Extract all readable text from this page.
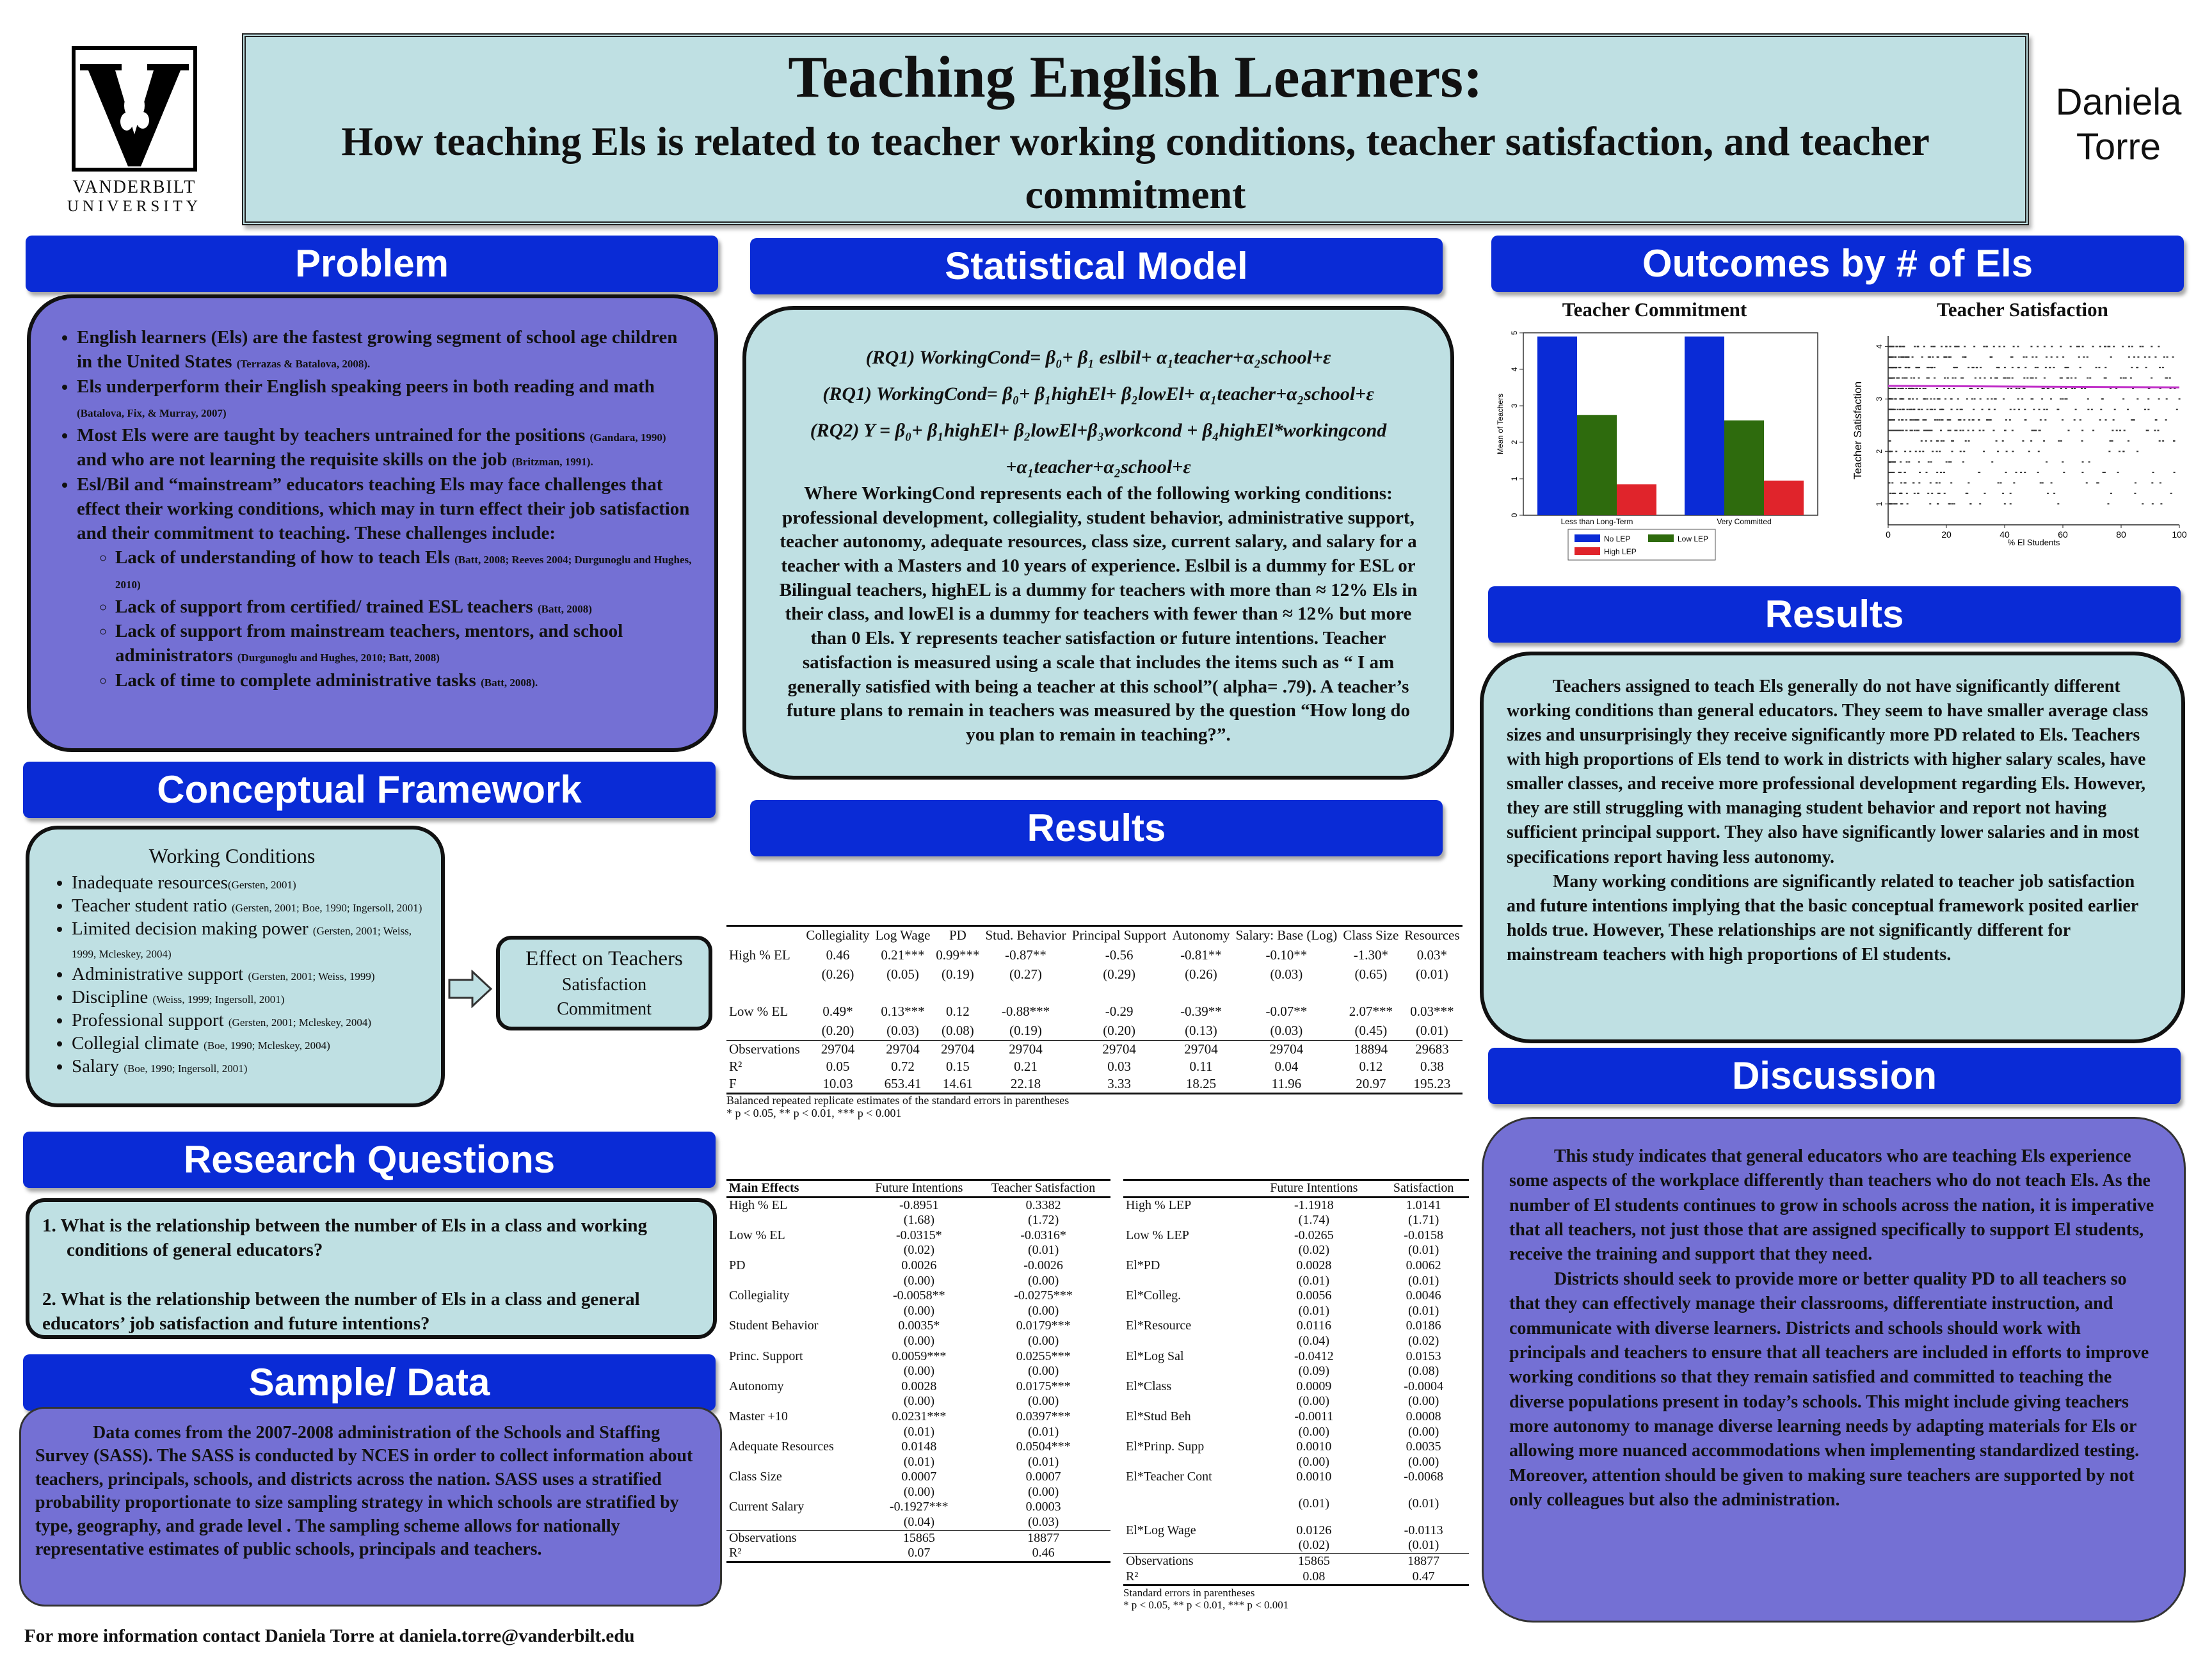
VANDERBILT
UNIVERSITY
Teaching English Learners:
How teaching Els is related to teacher working conditions, teacher satisfaction, and teacher commitment
Daniela
Torre
Problem
• English learners (Els) are the fastest growing segment of school age children in the United States (Terrazas & Batalova, 2008).
• Els underperform their English speaking peers in both reading and math (Batalova, Fix, & Murray, 2007)
• Most Els were are taught by teachers untrained for the positions (Gandara, 1990) and who are not learning the requisite skills on the job (Britzman, 1991).
• Esl/Bil and “mainstream” educators teaching Els may face challenges that effect their working conditions, which may in turn effect their job satisfaction and their commitment to teaching. These challenges include:
◦ Lack of understanding of how to teach Els (Batt, 2008; Reeves 2004; Durgunoglu and Hughes, 2010)
◦ Lack of support from certified/ trained ESL teachers (Batt, 2008)
◦ Lack of support from mainstream teachers, mentors, and school administrators (Durgunoglu and Hughes, 2010; Batt, 2008)
◦ Lack of time to complete administrative tasks (Batt, 2008).
Conceptual Framework
Working Conditions
• Inadequate resources(Gersten, 2001)
• Teacher student ratio (Gersten, 2001; Boe, 1990; Ingersoll, 2001)
• Limited decision making power (Gersten, 2001; Weiss, 1999, Mcleskey, 2004)
• Administrative support (Gersten, 2001; Weiss, 1999)
• Discipline (Weiss, 1999; Ingersoll, 2001)
• Professional support (Gersten, 2001; Mcleskey, 2004)
• Collegial climate (Boe, 1990; Mcleskey, 2004)
• Salary (Boe, 1990; Ingersoll, 2001)
Effect on Teachers
Satisfaction
Commitment
Research Questions
1. What is the relationship between the number of Els in a class and working conditions of general educators?
2. What is the relationship between the number of Els in a class and general educators’ job satisfaction and future intentions?
Sample/ Data
Data comes from the 2007-2008 administration of the Schools and Staffing Survey (SASS). The SASS is conducted by NCES in order to collect information about teachers, principals, schools, and districts across the nation. SASS uses a stratified probability proportionate to size sampling strategy in which schools are stratified by type, geography, and grade level . The sampling scheme allows for nationally representative estimates of public schools, principals and teachers.
For more information contact Daniela Torre at daniela.torre@vanderbilt.edu
Statistical Model
(RQ1) WorkingCond= β₀+ β₁ eslbil+ α₁teacher+α₂school+ε
(RQ1) WorkingCond= β₀+ β₁highEl+ β₂lowEl+ α₁teacher+α₂school+ε
(RQ2) Y = β₀+ β₁highEl+ β₂lowEl+β₃workcond + β₄highEl*workingcond
+α₁teacher+α₂school+ε
Where WorkingCond represents each of the following working conditions: professional development, collegiality, student behavior, administrative support, teacher autonomy, adequate resources, class size, current salary, and salary for a teacher with a Masters and 10 years of experience. Eslbil is a dummy for ESL or Bilingual teachers, highEL is a dummy for teachers with more than ≈ 12% Els in their class, and lowEl is a dummy for teachers with fewer than ≈ 12% but more than 0 Els. Y represents teacher satisfaction or future intentions. Teacher satisfaction is measured using a scale that includes the items such as “ I am generally satisfied with being a teacher at this school”( alpha= .79). A teacher’s future plans to remain in teachers was measured by the question “How long do you plan to remain in teaching?”.
Results
	Collegiality	Log Wage	PD	Stud. Behavior	Principal Support	Autonomy	Salary: Base (Log)	Class Size	Resources
High % EL	0.46	0.21***	0.99***	-0.87**	-0.56	-0.81**	-0.10**	-1.30*	0.03*
	(0.26)	(0.05)	(0.19)	(0.27)	(0.29)	(0.26)	(0.03)	(0.65)	(0.01)
Low % EL	0.49*	0.13***	0.12	-0.88***	-0.29	-0.39**	-0.07**	2.07***	0.03***
	(0.20)	(0.03)	(0.08)	(0.19)	(0.20)	(0.13)	(0.03)	(0.45)	(0.01)
Observations	29704	29704	29704	29704	29704	29704	29704	18894	29683
R²	0.05	0.72	0.15	0.21	0.03	0.11	0.04	0.12	0.38
F	10.03	653.41	14.61	22.18	3.33	18.25	11.96	20.97	195.23
Balanced repeated replicate estimates of the standard errors in parentheses
* p < 0.05, ** p < 0.01, *** p < 0.001
Main Effects	Future Intentions	Teacher Satisfaction
High % EL	-0.8951	0.3382
	(1.68)	(1.72)
Low % EL	-0.0315*	-0.0316*
	(0.02)	(0.01)
PD	0.0026	-0.0026
	(0.00)	(0.00)
Collegiality	-0.0058**	-0.0275***
	(0.00)	(0.00)
Student Behavior	0.0035*	0.0179***
	(0.00)	(0.00)
Princ. Support	0.0059***	0.0255***
	(0.00)	(0.00)
Autonomy	0.0028	0.0175***
	(0.00)	(0.00)
Master +10	0.0231***	0.0397***
	(0.01)	(0.01)
Adequate Resources	0.0148	0.0504***
	(0.01)	(0.01)
Class Size	0.0007	0.0007
	(0.00)	(0.00)
Current Salary	-0.1927***	0.0003
	(0.04)	(0.03)
Observations	15865	18877
R²	0.07	0.46
	Future Intentions	Satisfaction
High % LEP	-1.1918	1.0141
	(1.74)	(1.71)
Low % LEP	-0.0265	-0.0158
	(0.02)	(0.01)
El*PD	0.0028	0.0062
	(0.01)	(0.01)
El*Colleg.	0.0056	0.0046
	(0.01)	(0.01)
El*Resource	0.0116	0.0186
	(0.04)	(0.02)
El*Log Sal	-0.0412	0.0153
	(0.09)	(0.08)
El*Class	0.0009	-0.0004
	(0.00)	(0.00)
El*Stud Beh	-0.0011	0.0008
	(0.00)	(0.00)
El*Prinp. Supp	0.0010	0.0035
	(0.00)	(0.00)
El*Teacher Cont	0.0010	-0.0068
	(0.01)	(0.01)
El*Log Wage	0.0126	-0.0113
	(0.02)	(0.01)
Observations	15865	18877
R²	0.08	0.47
Standard errors in parentheses
* p < 0.05, ** p < 0.01, *** p < 0.001
Outcomes by # of Els
Teacher Commitment
0
1
2
3
4
5
Mean of Teachers
Less than Long-Term	Very Committed
No LEP	Low LEP
High LEP
Teacher Satisfaction
0	20	40	60	80	100
1
2
3
4
% El Students
Teacher Satisfaction
Results
Teachers assigned to teach Els generally do not have significantly different working conditions than general educators. They seem to have smaller average class sizes and unsurprisingly they receive significantly more PD related to Els. Teachers with high proportions of Els tend to work in districts with higher salary scales, have smaller classes, and receive more professional development regarding Els. However, they are still struggling with managing student behavior and report not having sufficient principal support. They also have significantly lower salaries and in most specifications report having less autonomy.
Many working conditions are significantly related to teacher job satisfaction and future intentions implying that the basic conceptual framework posited earlier holds true. However, These relationships are not significantly different for mainstream teachers with high proportions of El students.
Discussion
This study indicates that general educators who are teaching Els experience some aspects of the workplace differently than teachers who do not teach Els. As the number of El students continues to grow in schools across the nation, it is imperative that all teachers, not just those that are assigned specifically to support El students, receive the training and support that they need.
Districts should seek to provide more or better quality PD to all teachers so that they can effectively manage their classrooms, differentiate instruction, and communicate with diverse learners. Districts and schools should work with principals and teachers to ensure that all teachers are included in efforts to improve working conditions so that they remain satisfied and committed to teaching the diverse populations present in today’s schools. This might include giving teachers more autonomy to manage diverse learning needs by adapting materials for Els or allowing more nuanced accommodations when implementing standardized testing. Moreover, attention should be given to making sure teachers are supported by not only colleagues but also the administration.
